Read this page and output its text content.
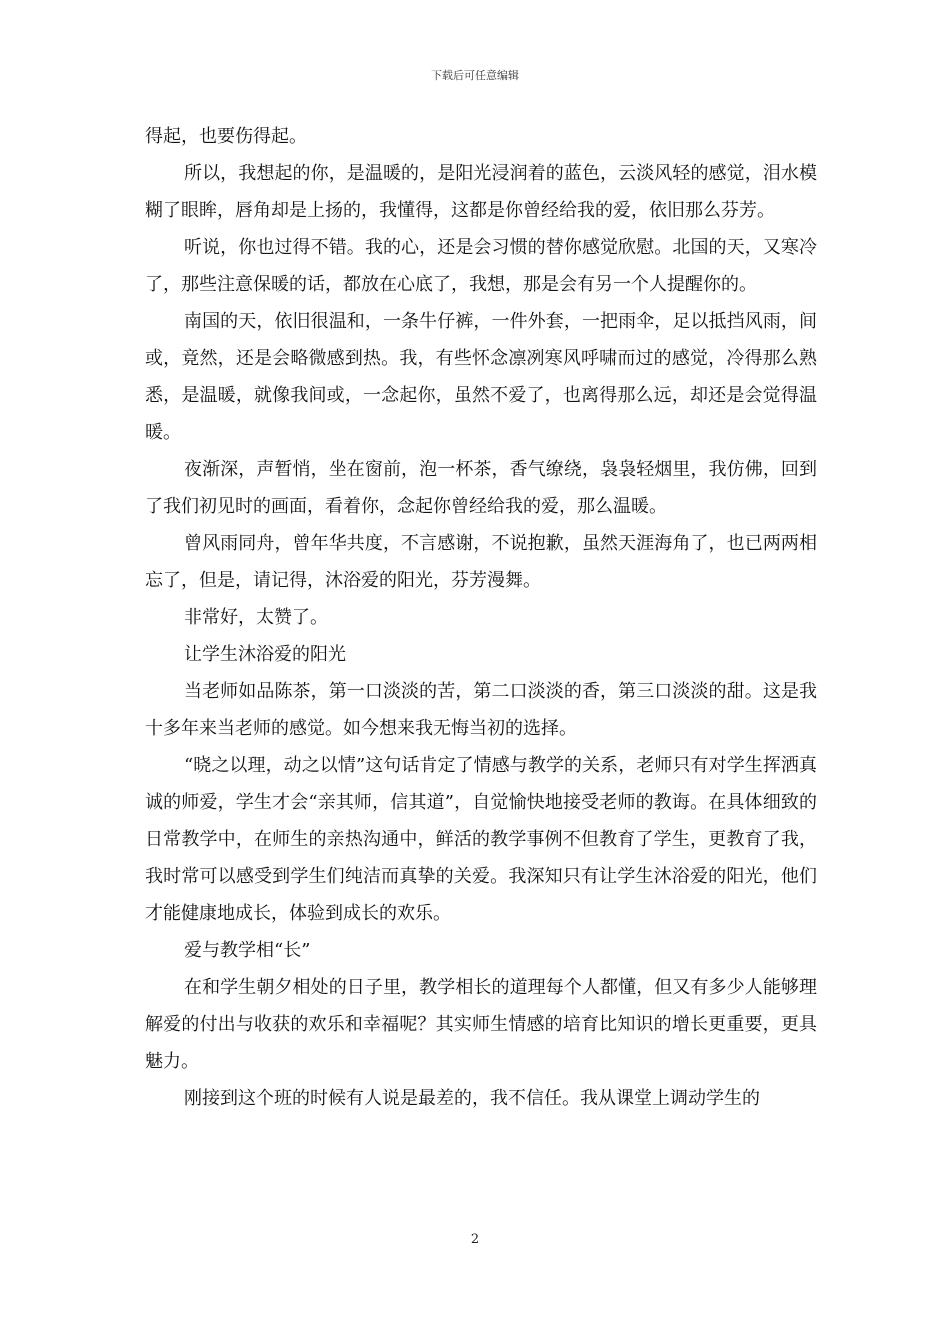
下载后可任意编辑

得起，也要伤得起。

所以，我想起的你，是温暖的，是阳光浸润着的蓝色，云淡风轻的感觉，泪水模糊了眼眸，唇角却是上扬的，我懂得，这都是你曾经给我的爱，依旧那么芬芳。

听说，你也过得不错。我的心，还是会习惯的替你感觉欣慰。北国的天，又寒冷了，那些注意保暖的话，都放在心底了，我想，那是会有另一个人提醒你的。

南国的天，依旧很温和，一条牛仔裤，一件外套，一把雨伞，足以抵挡风雨，间或，竟然，还是会略微感到热。我，有些怀念凛冽寒风呼啸而过的感觉，冷得那么熟悉，是温暖，就像我间或，一念起你，虽然不爱了，也离得那么远，却还是会觉得温暖。

夜渐深，声暂悄，坐在窗前，泡一杯茶，香气缭绕，袅袅轻烟里，我仿佛，回到了我们初见时的画面，看着你，念起你曾经给我的爱，那么温暖。

曾风雨同舟，曾年华共度，不言感谢，不说抱歉，虽然天涯海角了，也已两两相忘了，但是，请记得，沐浴爱的阳光，芬芳漫舞。

非常好，太赞了。

让学生沐浴爱的阳光

当老师如品陈茶，第一口淡淡的苦，第二口淡淡的香，第三口淡淡的甜。这是我十多年来当老师的感觉。如今想来我无悔当初的选择。

“晓之以理，动之以情”这句话肯定了情感与教学的关系，老师只有对学生挥洒真诚的师爱，学生才会“亲其师，信其道”，自觉愉快地接受老师的教诲。在具体细致的日常教学中，在师生的亲热沟通中，鲜活的教学事例不但教育了学生，更教育了我，我时常可以感受到学生们纯洁而真挚的关爱。我深知只有让学生沐浴爱的阳光，他们才能健康地成长，体验到成长的欢乐。

爱与教学相“长”

在和学生朝夕相处的日子里，教学相长的道理每个人都懂，但又有多少人能够理解爱的付出与收获的欢乐和幸福呢？其实师生情感的培育比知识的增长更重要，更具魅力。

刚接到这个班的时候有人说是最差的，我不信任。我从课堂上调动学生的

2
